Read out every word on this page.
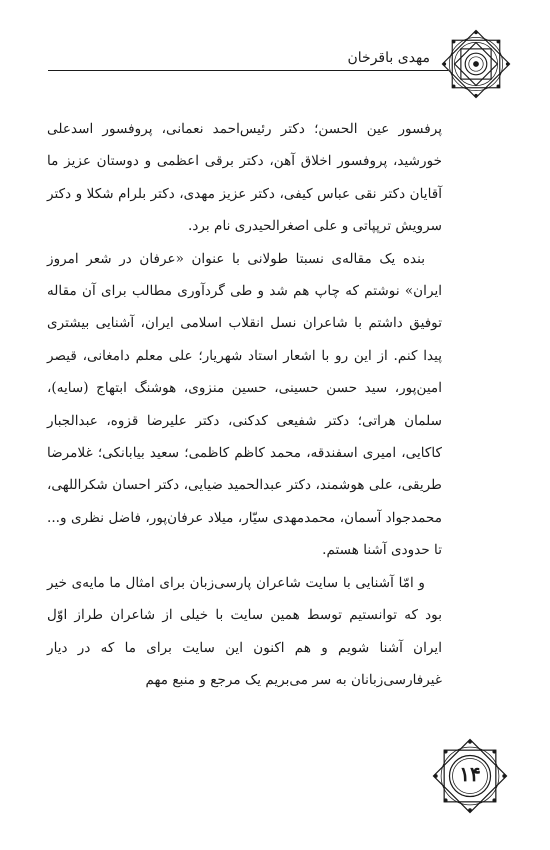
مهدی باقرخان

پرفسور عین الحسن؛ دکتر رئیس‌احمد نعمانی، پروفسور اسدعلی خورشید، پروفسور اخلاق آهن، دکتر برقی اعظمی و دوستان عزیز ما آقایان دکتر نقی عباس کیفی، دکتر عزیز مهدی، دکتر بلرام شکلا و دکتر سرویش ترپپاتی و علی اصغرالحیدری نام برد.

بنده یک مقاله‌ی نسبتا طولانی با عنوان «عرفان در شعر امروز ایران» نوشتم که چاپ هم شد و طی گردآوری مطالب برای آن مقاله توفیق داشتم با شاعران نسل انقلاب اسلامی ایران، آشنایی بیشتری پیدا کنم. از این رو با اشعار استاد شهریار؛ علی معلم دامغانی، قیصر امین‌پور، سید حسن حسینی، حسین منزوی، هوشنگ ابتهاج (سایه)، سلمان هراتی؛ دکتر شفیعی کدکنی، دکتر علیرضا قزوه، عبدالجبار کاکایی، امیری اسفندقه، محمد کاظم کاظمی؛ سعید بیابانکی؛ غلامرضا طریقی، علی هوشمند، دکتر عبدالحمید ضیایی، دکتر احسان شکراللهی، محمدجواد آسمان، محمدمهدی سیّار، میلاد عرفان‌پور، فاضل نظری و... تا حدودی آشنا هستم.

و امّا آشنایی با سایت شاعران پارسی‌زبان برای امثال ما مایه‌ی خیر بود که توانستیم توسط همین سایت با خیلی از شاعران طراز اوّل ایران آشنا شویم و هم اکنون این سایت برای ما که در دیار غیرفارسی‌زبانان به سر می‌بریم یک مرجع و منبع مهم

۱۴
